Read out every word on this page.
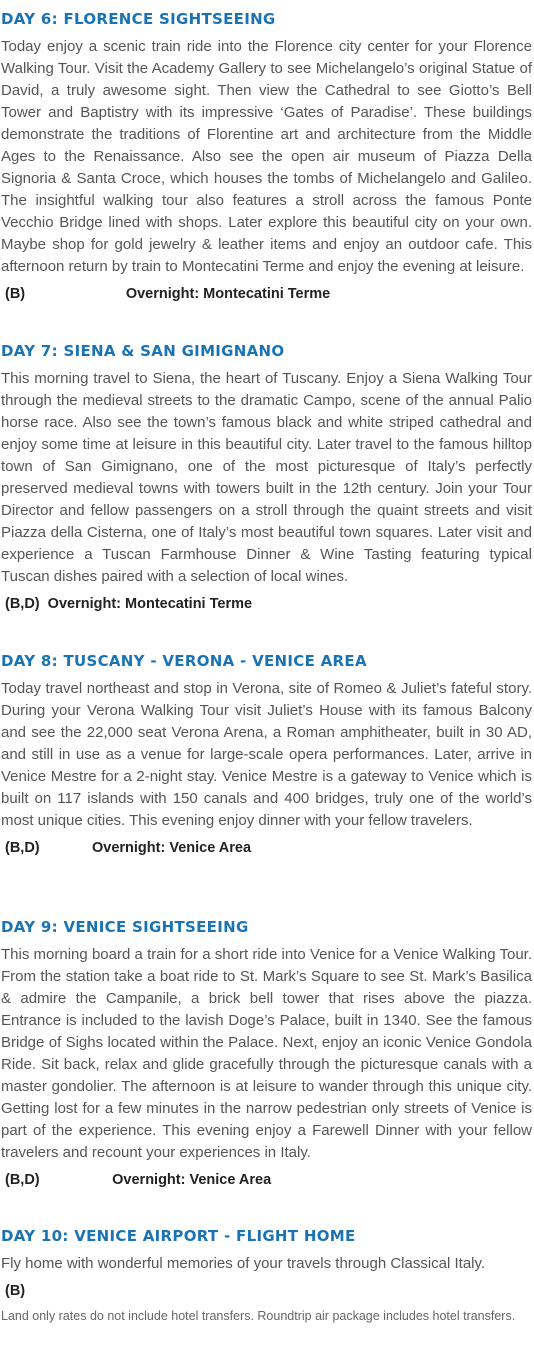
DAY 6: FLORENCE SIGHTSEEING
Today enjoy a scenic train ride into the Florence city center for your Florence Walking Tour. Visit the Academy Gallery to see Michelangelo’s original Statue of David, a truly awesome sight. Then view the Cathedral to see Giotto’s Bell Tower and Baptistry with its impressive ‘Gates of Paradise’. These buildings demonstrate the traditions of Florentine art and architecture from the Middle Ages to the Renaissance. Also see the open air museum of Piazza Della Signoria & Santa Croce, which houses the tombs of Michelangelo and Galileo. The insightful walking tour also features a stroll across the famous Ponte Vecchio Bridge lined with shops. Later explore this beautiful city on your own. Maybe shop for gold jewelry & leather items and enjoy an outdoor cafe. This afternoon return by train to Montecatini Terme and enjoy the evening at leisure.
(B)                         Overnight: Montecatini Terme
DAY 7: SIENA & SAN GIMIGNANO
This morning travel to Siena, the heart of Tuscany. Enjoy a Siena Walking Tour through the medieval streets to the dramatic Campo, scene of the annual Palio horse race. Also see the town’s famous black and white striped cathedral and enjoy some time at leisure in this beautiful city. Later travel to the famous hilltop town of San Gimignano, one of the most picturesque of Italy’s perfectly preserved medieval towns with towers built in the 12th century. Join your Tour Director and fellow passengers on a stroll through the quaint streets and visit Piazza della Cisterna, one of Italy’s most beautiful town squares. Later visit and experience a Tuscan Farmhouse Dinner & Wine Tasting featuring typical Tuscan dishes paired with a selection of local wines.
(B,D)  Overnight: Montecatini Terme
DAY 8: TUSCANY - VERONA - VENICE AREA
Today travel northeast and stop in Verona, site of Romeo & Juliet’s fateful story. During your Verona Walking Tour visit Juliet’s House with its famous Balcony and see the 22,000 seat Verona Arena, a Roman amphitheater, built in 30 AD, and still in use as a venue for large-scale opera performances. Later, arrive in Venice Mestre for a 2-night stay. Venice Mestre is a gateway to Venice which is built on 117 islands with 150 canals and 400 bridges, truly one of the world’s most unique cities. This evening enjoy dinner with your fellow travelers.
(B,D)             Overnight: Venice Area
DAY 9: VENICE SIGHTSEEING
This morning board a train for a short ride into Venice for a Venice Walking Tour. From the station take a boat ride to St. Mark’s Square to see St. Mark’s Basilica & admire the Campanile, a brick bell tower that rises above the piazza. Entrance is included to the lavish Doge’s Palace, built in 1340. See the famous Bridge of Sighs located within the Palace. Next, enjoy an iconic Venice Gondola Ride. Sit back, relax and glide gracefully through the picturesque canals with a master gondolier. The afternoon is at leisure to wander through this unique city. Getting lost for a few minutes in the narrow pedestrian only streets of Venice is part of the experience. This evening enjoy a Farewell Dinner with your fellow travelers and recount your experiences in Italy.
(B,D)                  Overnight: Venice Area
DAY 10: VENICE AIRPORT - FLIGHT HOME
Fly home with wonderful memories of your travels through Classical Italy.
(B)
Land only rates do not include hotel transfers. Roundtrip air package includes hotel transfers.
